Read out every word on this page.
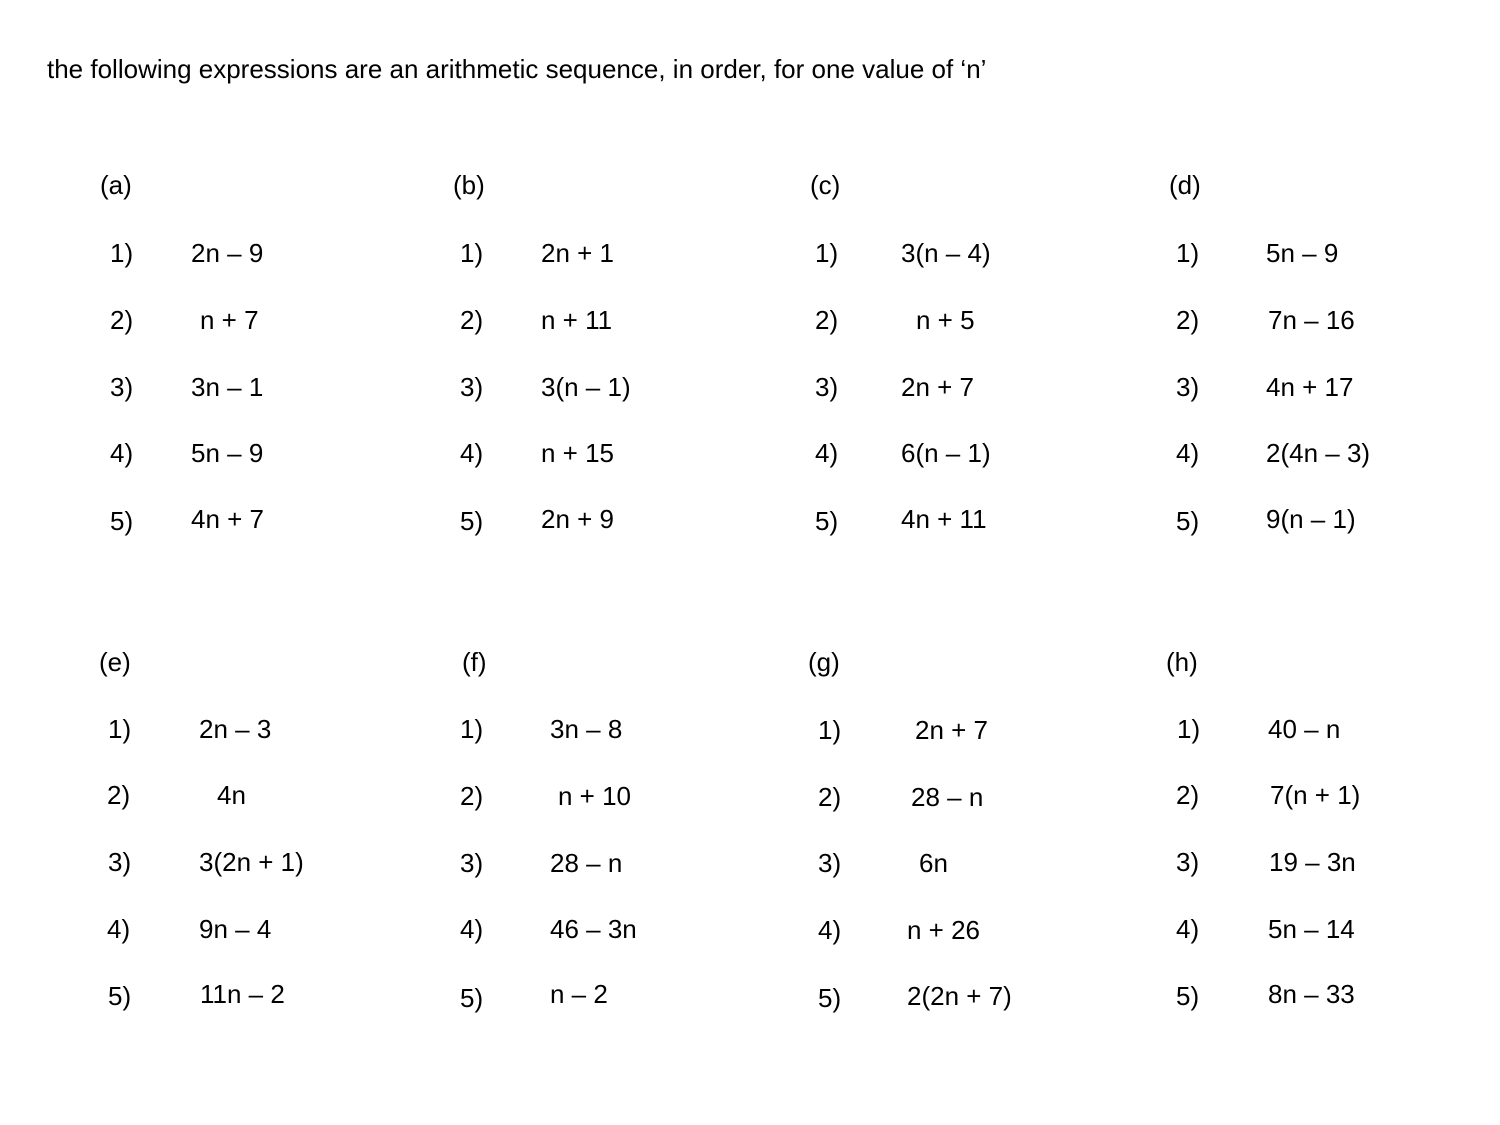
the following expressions are an arithmetic sequence, in order, for one value of ‘n’
(a)
1) 2n – 9
2)	n + 7
3) 3n – 1
4) 5n – 9
5) 4n + 7
(b)
1) 2n + 1
2) n + 11
3) 3(n – 1)
4) n + 15
5) 2n + 9
(c)
1) 3(n – 4)
2)	n + 5
3) 2n + 7
4) 6(n – 1)
5) 4n + 11
(d)
1)	5n – 9
2)	7n – 16
3)	4n + 17
4)	2(4n – 3)
5)	9(n – 1)
(e)
1)	2n – 3
2)	4n
3)	3(2n + 1)
4)	9n – 4
5)	11n – 2
(f)
1)	3n – 8
2)	n + 10
3)	28 – n
4)	46 – 3n
5)	n – 2
(g)
1)	2n + 7
2)	28 – n
3)	6n
4)	n + 26
5)	2(2n + 7)
(h)
1)	40 – n
2)	7(n + 1)
3)	19 – 3n
4)	5n – 14
5)	8n – 33
